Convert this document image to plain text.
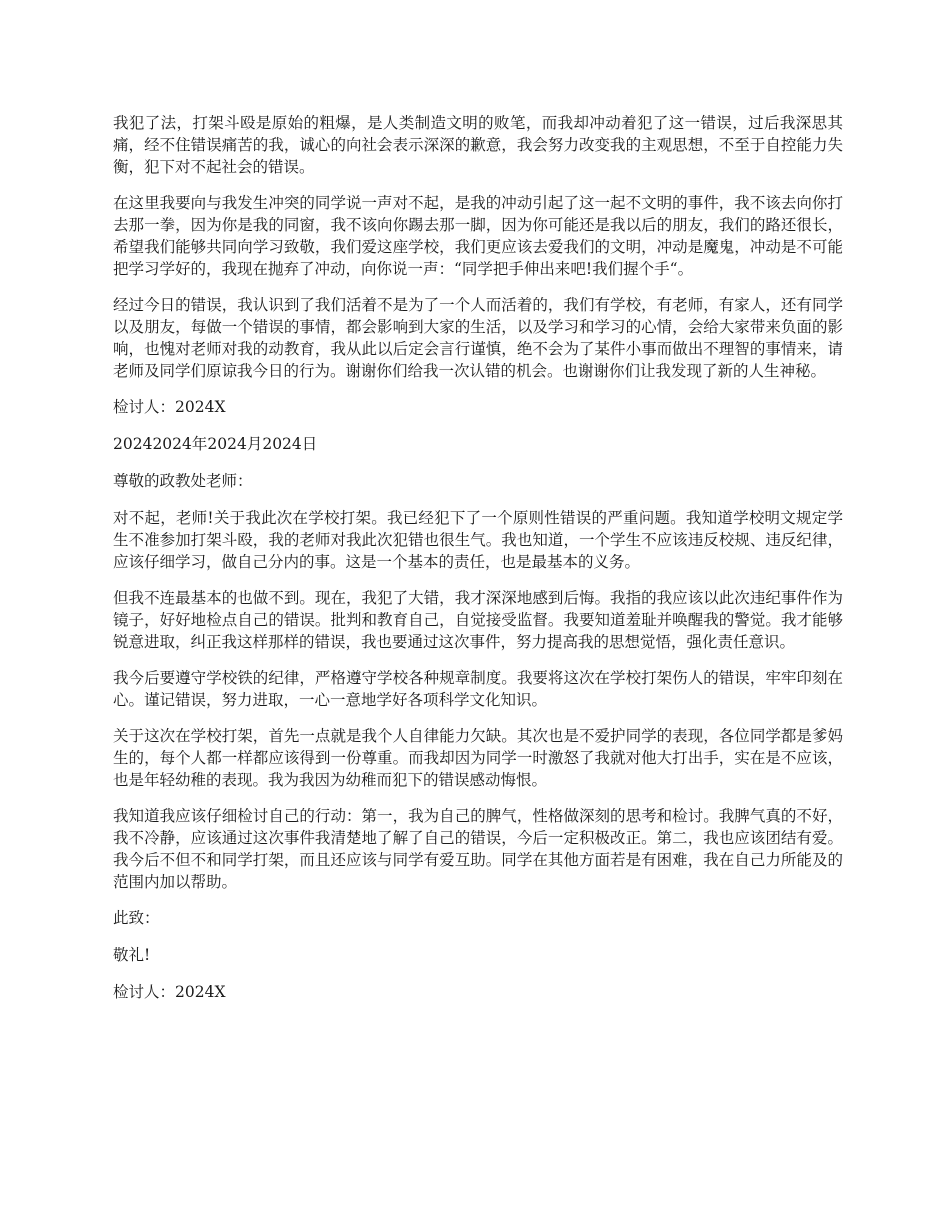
我犯了法，打架斗殴是原始的粗爆，是人类制造文明的败笔，而我却冲动着犯了这一错误，过后我深思其痛，经不住错误痛苦的我，诚心的向社会表示深深的歉意，我会努力改变我的主观思想，不至于自控能力失衡，犯下对不起社会的错误。

在这里我要向与我发生冲突的同学说一声对不起，是我的冲动引起了这一起不文明的事件，我不该去向你打去那一拳，因为你是我的同窗，我不该向你踢去那一脚，因为你可能还是我以后的朋友，我们的路还很长，希望我们能够共同向学习致敬，我们爱这座学校，我们更应该去爱我们的文明，冲动是魔鬼，冲动是不可能把学习学好的，我现在抛弃了冲动，向你说一声：“同学把手伸出来吧!我们握个手“。

经过今日的错误，我认识到了我们活着不是为了一个人而活着的，我们有学校，有老师，有家人，还有同学以及朋友，每做一个错误的事情，都会影响到大家的生活，以及学习和学习的心情，会给大家带来负面的影响，也愧对老师对我的动教育，我从此以后定会言行谨慎，绝不会为了某件小事而做出不理智的事情来，请老师及同学们原谅我今日的行为。谢谢你们给我一次认错的机会。也谢谢你们让我发现了新的人生神秘。

检讨人：2024X

20242024年2024月2024日

尊敬的政教处老师：

对不起，老师!关于我此次在学校打架。我已经犯下了一个原则性错误的严重问题。我知道学校明文规定学生不准参加打架斗殴，我的老师对我此次犯错也很生气。我也知道，一个学生不应该违反校规、违反纪律，应该仔细学习，做自己分内的事。这是一个基本的责任，也是最基本的义务。

但我不连最基本的也做不到。现在，我犯了大错，我才深深地感到后悔。我指的我应该以此次违纪事件作为镜子，好好地检点自己的错误。批判和教育自己，自觉接受监督。我要知道羞耻并唤醒我的警觉。我才能够锐意进取，纠正我这样那样的错误，我也要通过这次事件，努力提高我的思想觉悟，强化责任意识。

我今后要遵守学校铁的纪律，严格遵守学校各种规章制度。我要将这次在学校打架伤人的错误，牢牢印刻在心。谨记错误，努力进取，一心一意地学好各项科学文化知识。

关于这次在学校打架，首先一点就是我个人自律能力欠缺。其次也是不爱护同学的表现，各位同学都是爹妈生的，每个人都一样都应该得到一份尊重。而我却因为同学一时激怒了我就对他大打出手，实在是不应该，也是年轻幼稚的表现。我为我因为幼稚而犯下的错误感动悔恨。

我知道我应该仔细检讨自己的行动：第一，我为自己的脾气，性格做深刻的思考和检讨。我脾气真的不好，我不冷静，应该通过这次事件我清楚地了解了自己的错误，今后一定积极改正。第二，我也应该团结有爱。我今后不但不和同学打架，而且还应该与同学有爱互助。同学在其他方面若是有困难，我在自己力所能及的范围内加以帮助。

此致：

敬礼!

检讨人：2024X
